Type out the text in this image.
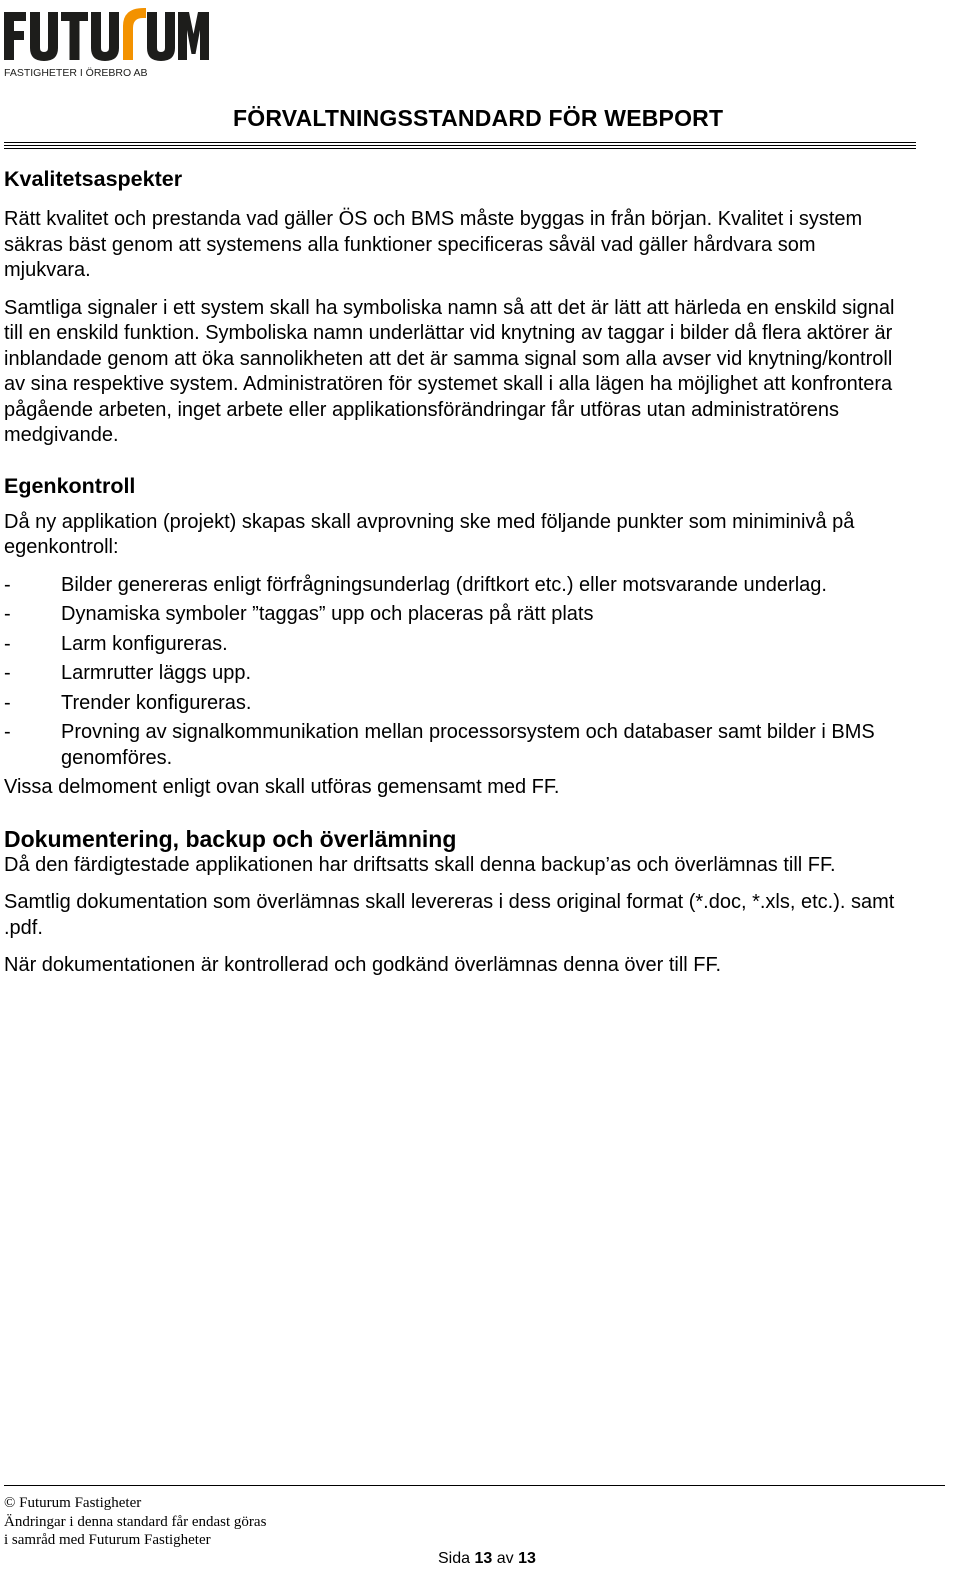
FASTIGHETER I ÖREBRO AB
FÖRVALTNINGSSTANDARD FÖR WEBPORT
Kvalitetsaspekter

Rätt kvalitet och prestanda vad gäller ÖS och BMS måste byggas in från början. Kvalitet i system säkras bäst genom att systemens alla funktioner specificeras såväl vad gäller hårdvara som mjukvara.

Samtliga signaler i ett system skall ha symboliska namn så att det är lätt att härleda en enskild signal till en enskild funktion. Symboliska namn underlättar vid knytning av taggar i bilder då flera aktörer är inblandade genom att öka sannolikheten att det är samma signal som alla avser vid knytning/kontroll av sina respektive system. Administratören för systemet skall i alla lägen ha möjlighet att konfrontera pågående arbeten, inget arbete eller applikationsförändringar får utföras utan administratörens medgivande.

Egenkontroll

Då ny applikation (projekt) skapas skall avprovning ske med följande punkter som miniminivå på egenkontroll:

-	Bilder genereras enligt förfrågningsunderlag (driftkort etc.) eller motsvarande underlag.
-	Dynamiska symboler ”taggas” upp och placeras på rätt plats
-	Larm konfigureras.
-	Larmrutter läggs upp.
-	Trender konfigureras.
-	Provning av signalkommunikation mellan processorsystem och databaser samt bilder i BMS genomföres.

Vissa delmoment enligt ovan skall utföras gemensamt med FF.

Dokumentering, backup och överlämning

Då den färdigtestade applikationen har driftsatts skall denna backup’as och överlämnas till FF.

Samtlig dokumentation som överlämnas skall levereras i dess original format (*.doc, *.xls, etc.). samt .pdf.

När dokumentationen är kontrollerad och godkänd överlämnas denna över till FF.

© Futurum Fastigheter
Ändringar i denna standard får endast göras
i samråd med Futurum Fastigheter
Sida 13 av 13
